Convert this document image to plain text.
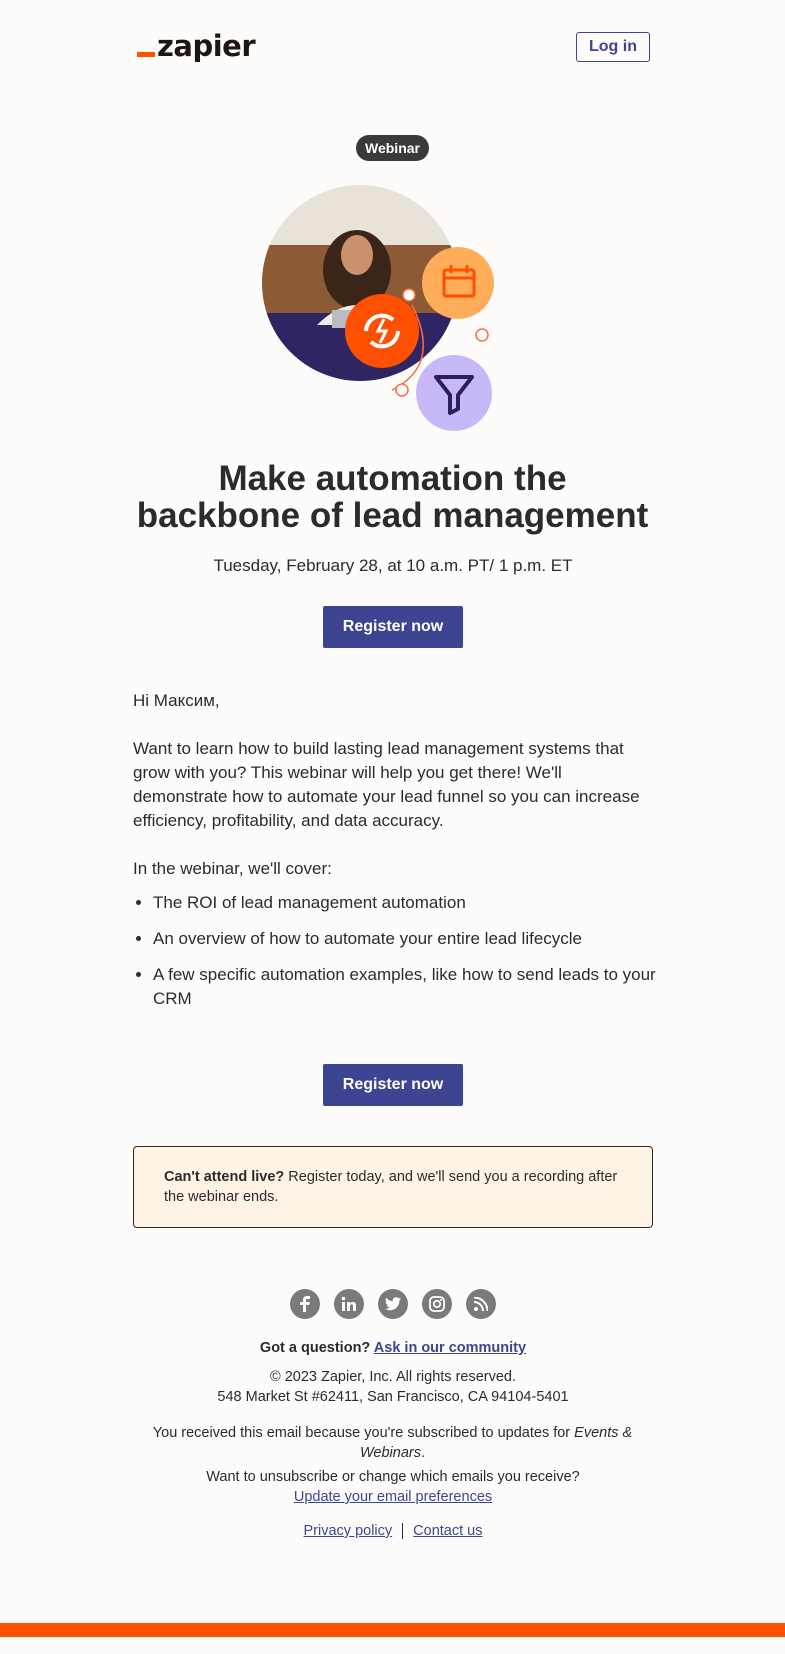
zapier	Log in
Webinar
Make automation the
backbone of lead management
Tuesday, February 28, at 10 a.m. PT/ 1 p.m. ET
Register now
Hi Максим,
Want to learn how to build lasting lead management systems that grow with you? This webinar will help you get there! We'll demonstrate how to automate your lead funnel so you can increase efficiency, profitability, and data accuracy.
In the webinar, we'll cover:
• The ROI of lead management automation
• An overview of how to automate your entire lead lifecycle
• A few specific automation examples, like how to send leads to your CRM
Register now
Can't attend live? Register today, and we'll send you a recording after the webinar ends.
Got a question? Ask in our community
© 2023 Zapier, Inc. All rights reserved.
548 Market St #62411, San Francisco, CA 94104-5401
You received this email because you're subscribed to updates for Events & Webinars.
Want to unsubscribe or change which emails you receive?
Update your email preferences
Privacy policy Contact us
